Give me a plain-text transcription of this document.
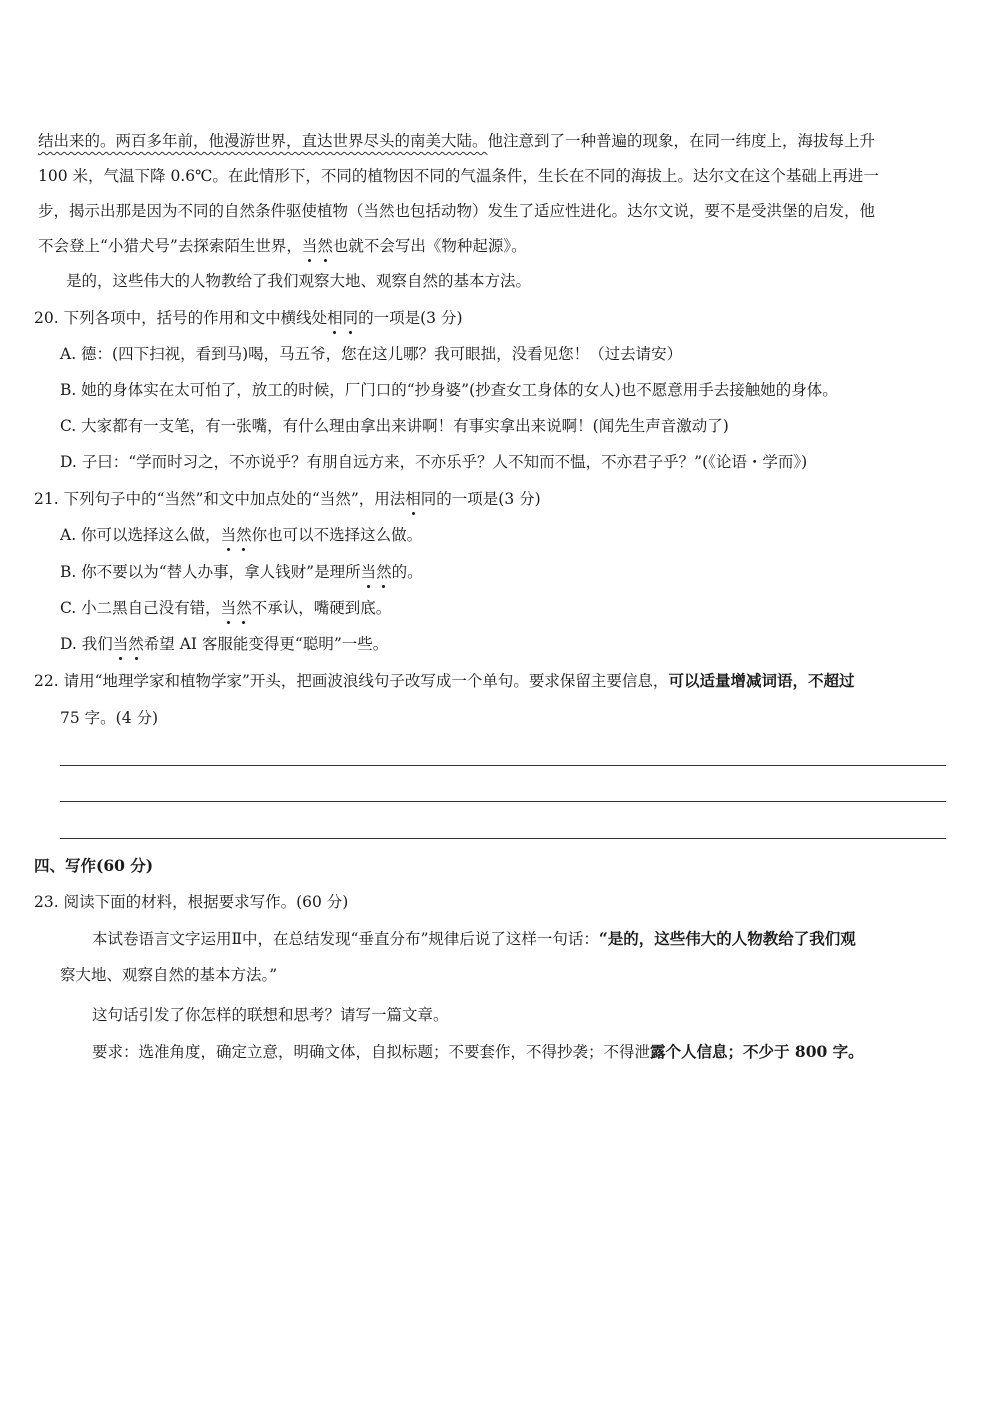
结出来的。两百多年前，他漫游世界，直达世界尽头的南美大陆。他注意到了一种普遍的现象，在同一纬度上，海拔每上升
100 米，气温下降 0.6℃。在此情形下，不同的植物因不同的气温条件，生长在不同的海拔上。达尔文在这个基础上再进一
步，揭示出那是因为不同的自然条件驱使植物（当然也包括动物）发生了适应性进化。达尔文说，要不是受洪堡的启发，他
不会登上“小猎犬号”去探索陌生世界，当然也就不会写出《物种起源》。
是的，这些伟大的人物教给了我们观察大地、观察自然的基本方法。
20. 下列各项中，括号的作用和文中横线处相同的一项是(3 分)
A. 德：(四下扫视，看到马)喝，马五爷，您在这儿哪？我可眼拙，没看见您！（过去请安）
B. 她的身体实在太可怕了，放工的时候，厂门口的“抄身婆”(抄查女工身体的女人)也不愿意用手去接触她的身体。
C. 大家都有一支笔，有一张嘴，有什么理由拿出来讲啊！有事实拿出来说啊！(闻先生声音激动了)
D. 子曰：“学而时习之，不亦说乎？有朋自远方来，不亦乐乎？人不知而不愠，不亦君子乎？”(《论语・学而》)
21. 下列句子中的“当然”和文中加点处的“当然”，用法相同的一项是(3 分)
A. 你可以选择这么做，当然你也可以不选择这么做。
B. 你不要以为“替人办事，拿人钱财”是理所当然的。
C. 小二黑自己没有错，当然不承认，嘴硬到底。
D. 我们当然希望 AI 客服能变得更“聪明”一些。
22. 请用“地理学家和植物学家”开头，把画波浪线句子改写成一个单句。要求保留主要信息，可以适量增减词语，不超过
75 字。(4 分)
四、写作(60 分)
23. 阅读下面的材料，根据要求写作。(60 分)
本试卷语言文字运用Ⅱ中，在总结发现“垂直分布”规律后说了这样一句话：“是的，这些伟大的人物教给了我们观
察大地、观察自然的基本方法。”
这句话引发了你怎样的联想和思考？请写一篇文章。
要求：选准角度，确定立意，明确文体，自拟标题；不要套作，不得抄袭；不得泄露个人信息；不少于 800 字。
